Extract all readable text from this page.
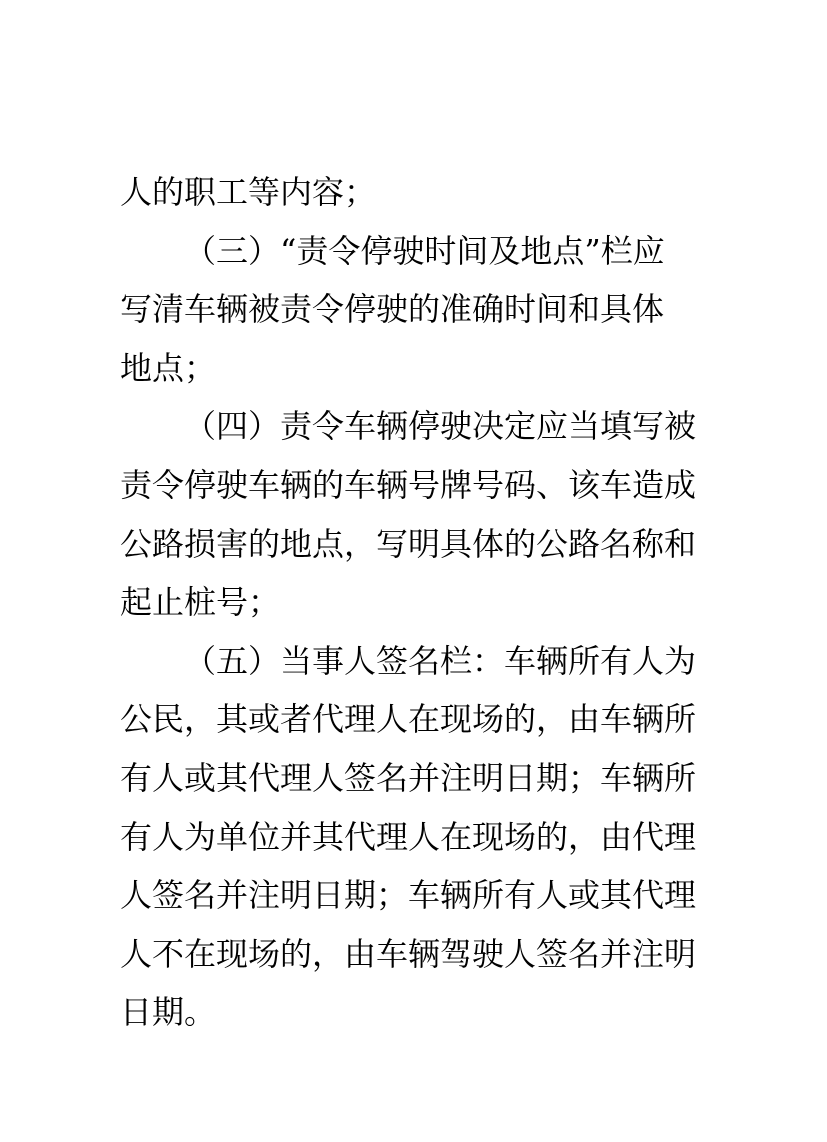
人的职工等内容；
（三）“责令停驶时间及地点”栏应
写清车辆被责令停驶的准确时间和具体
地点；
（四）责令车辆停驶决定应当填写被
责令停驶车辆的车辆号牌号码、该车造成
公路损害的地点，写明具体的公路名称和
起止桩号；
（五）当事人签名栏：车辆所有人为
公民，其或者代理人在现场的，由车辆所
有人或其代理人签名并注明日期；车辆所
有人为单位并其代理人在现场的，由代理
人签名并注明日期；车辆所有人或其代理
人不在现场的，由车辆驾驶人签名并注明
日期。
